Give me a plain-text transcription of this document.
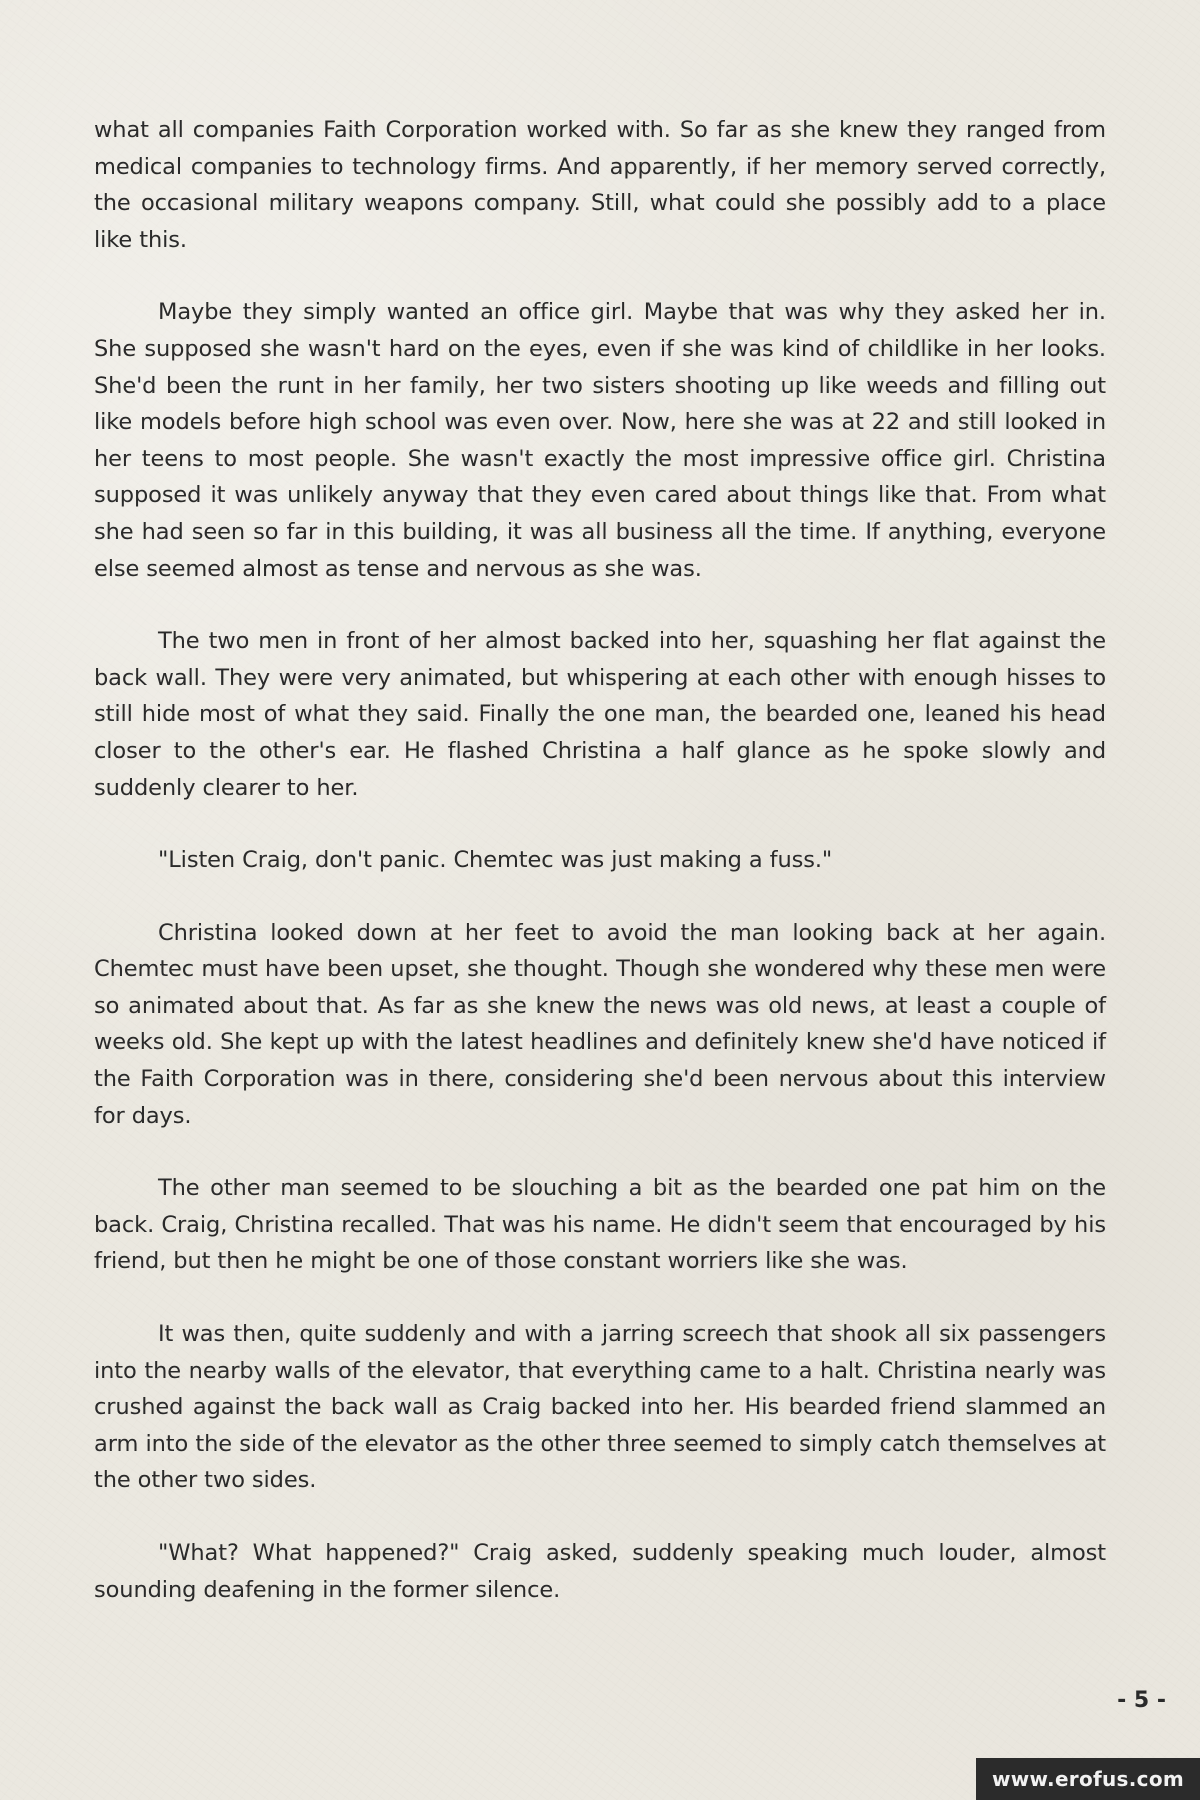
what all companies Faith Corporation worked with. So far as she knew they ranged from medical companies to technology firms. And apparently, if her memory served correctly, the occasional military weapons company. Still, what could she possibly add to a place like this.

Maybe they simply wanted an office girl. Maybe that was why they asked her in. She supposed she wasn't hard on the eyes, even if she was kind of childlike in her looks. She'd been the runt in her family, her two sisters shooting up like weeds and filling out like models before high school was even over. Now, here she was at 22 and still looked in her teens to most people. She wasn't exactly the most impressive office girl. Christina supposed it was unlikely anyway that they even cared about things like that. From what she had seen so far in this building, it was all business all the time. If anything, everyone else seemed almost as tense and nervous as she was.

The two men in front of her almost backed into her, squashing her flat against the back wall. They were very animated, but whispering at each other with enough hisses to still hide most of what they said. Finally the one man, the bearded one, leaned his head closer to the other's ear. He flashed Christina a half glance as he spoke slowly and suddenly clearer to her.

"Listen Craig, don't panic. Chemtec was just making a fuss."

Christina looked down at her feet to avoid the man looking back at her again. Chemtec must have been upset, she thought. Though she wondered why these men were so animated about that. As far as she knew the news was old news, at least a couple of weeks old. She kept up with the latest headlines and definitely knew she'd have noticed if the Faith Corporation was in there, considering she'd been nervous about this interview for days.

The other man seemed to be slouching a bit as the bearded one pat him on the back. Craig, Christina recalled. That was his name. He didn't seem that encouraged by his friend, but then he might be one of those constant worriers like she was.

It was then, quite suddenly and with a jarring screech that shook all six passengers into the nearby walls of the elevator, that everything came to a halt. Christina nearly was crushed against the back wall as Craig backed into her. His bearded friend slammed an arm into the side of the elevator as the other three seemed to simply catch themselves at the other two sides.

"What? What happened?" Craig asked, suddenly speaking much louder, almost sounding deafening in the former silence.

- 5 -
www.erofus.com
